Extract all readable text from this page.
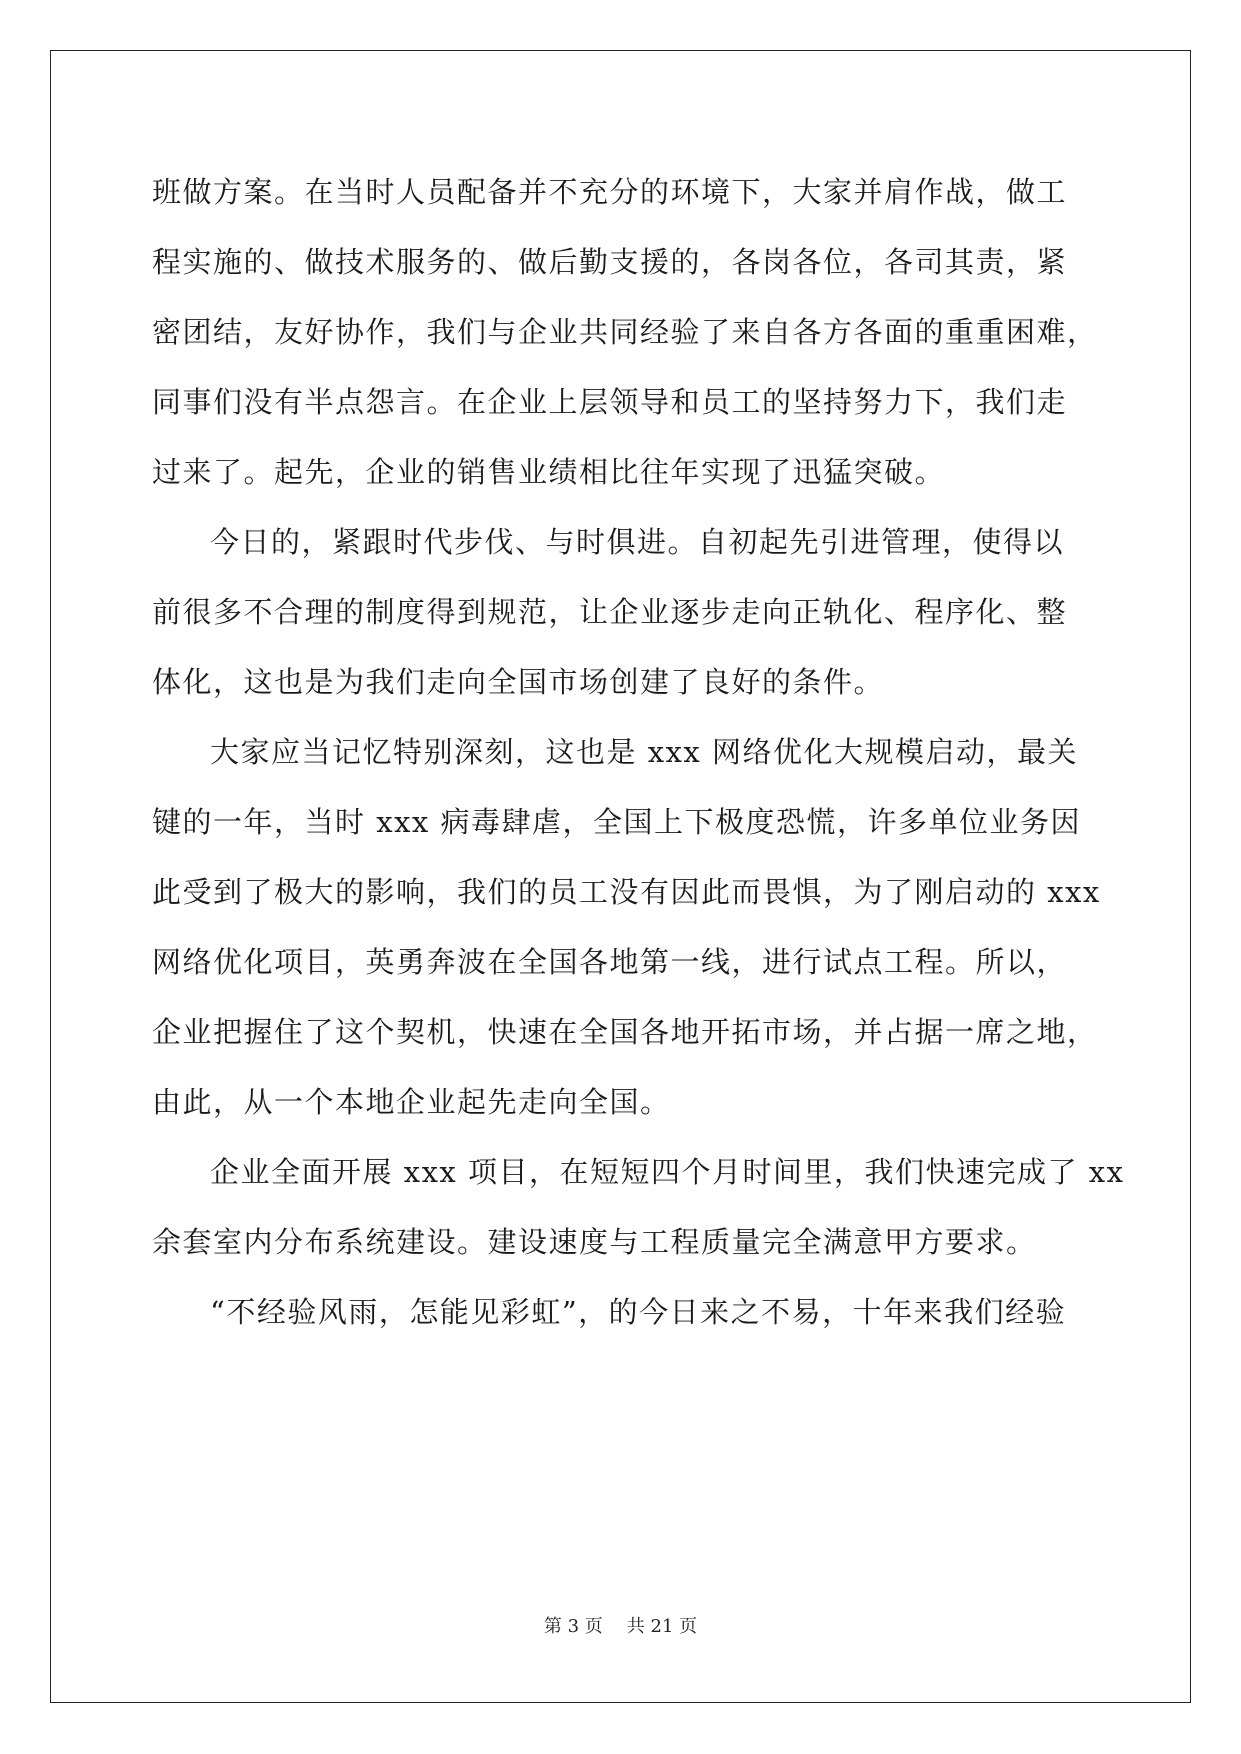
班做方案。在当时人员配备并不充分的环境下，大家并肩作战，做工
程实施的、做技术服务的、做后勤支援的，各岗各位，各司其责，紧
密团结，友好协作，我们与企业共同经验了来自各方各面的重重困难，
同事们没有半点怨言。在企业上层领导和员工的坚持努力下，我们走
过来了。起先，企业的销售业绩相比往年实现了迅猛突破。
今日的，紧跟时代步伐、与时俱进。自初起先引进管理，使得以
前很多不合理的制度得到规范，让企业逐步走向正轨化、程序化、整
体化，这也是为我们走向全国市场创建了良好的条件。
大家应当记忆特别深刻，这也是 xxx 网络优化大规模启动，最关
键的一年，当时 xxx 病毒肆虐，全国上下极度恐慌，许多单位业务因
此受到了极大的影响，我们的员工没有因此而畏惧，为了刚启动的 xxx
网络优化项目，英勇奔波在全国各地第一线，进行试点工程。所以，
企业把握住了这个契机，快速在全国各地开拓市场，并占据一席之地，
由此，从一个本地企业起先走向全国。
企业全面开展 xxx 项目，在短短四个月时间里，我们快速完成了 xx
余套室内分布系统建设。建设速度与工程质量完全满意甲方要求。
“不经验风雨，怎能见彩虹”，的今日来之不易，十年来我们经验
第 3 页 共 21 页
